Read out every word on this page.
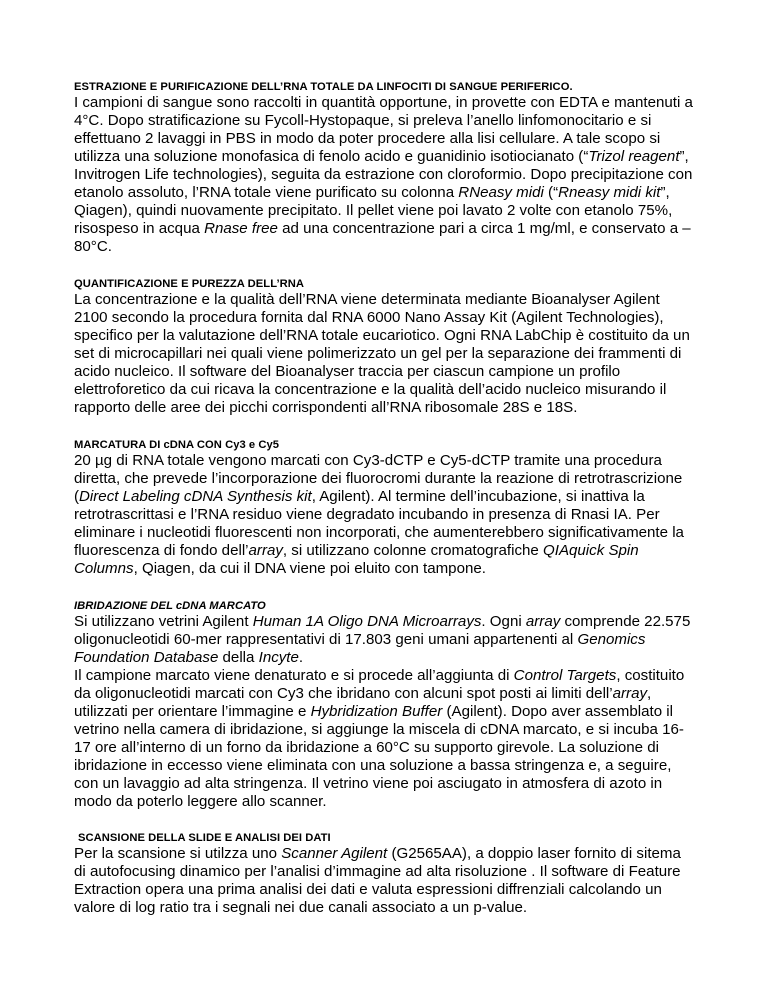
ESTRAZIONE E PURIFICAZIONE DELL’RNA TOTALE DA LINFOCITI DI SANGUE PERIFERICO.

I campioni di sangue sono raccolti in quantità opportune, in provette con EDTA e mantenuti a 4°C. Dopo stratificazione su Fycoll-Hystopaque, si preleva l’anello linfomonocitario e si effettuano 2 lavaggi in PBS in modo da poter procedere alla lisi cellulare. A tale scopo si utilizza una soluzione monofasica di fenolo acido e guanidinio isotiocianato (“Trizol reagent”, Invitrogen Life technologies), seguita da estrazione con cloroformio. Dopo precipitazione con etanolo assoluto, l’RNA totale viene purificato su colonna RNeasy midi (“Rneasy midi kit”, Qiagen), quindi nuovamente precipitato. Il pellet viene poi lavato 2 volte con etanolo 75%, risospeso in acqua Rnase free ad una concentrazione pari a circa 1 mg/ml, e conservato a –80°C.

QUANTIFICAZIONE E PUREZZA DELL’RNA

La concentrazione e la qualità dell’RNA viene determinata mediante Bioanalyser Agilent 2100 secondo la procedura fornita dal RNA 6000 Nano Assay Kit (Agilent Technologies), specifico per la valutazione dell’RNA totale eucariotico. Ogni RNA LabChip è costituito da un set di microcapillari nei quali viene polimerizzato un gel per la separazione dei frammenti di acido nucleico. Il software del Bioanalyser traccia per ciascun campione un profilo elettroforetico da cui ricava la concentrazione e la qualità dell’acido nucleico misurando il rapporto delle aree dei picchi corrispondenti all’RNA ribosomale 28S e 18S.

MARCATURA DI cDNA CON Cy3 e Cy5

20 µg di RNA totale vengono marcati con Cy3-dCTP e Cy5-dCTP tramite una procedura diretta, che prevede l’incorporazione dei fluorocromi durante la reazione di retrotrascrizione (Direct Labeling cDNA Synthesis kit, Agilent). Al termine dell’incubazione, si inattiva la retrotrascrittasi e l’RNA residuo viene degradato incubando in presenza di Rnasi IA. Per eliminare i nucleotidi fluorescenti non incorporati, che aumenterebbero significativamente la fluorescenza di fondo dell’array, si utilizzano colonne cromatografiche QIAquick Spin Columns, Qiagen, da cui il DNA viene poi eluito con tampone.

IBRIDAZIONE DEL cDNA MARCATO

Si utilizzano vetrini Agilent Human 1A Oligo DNA Microarrays. Ogni array comprende 22.575 oligonucleotidi 60-mer rappresentativi di 17.803 geni umani appartenenti al Genomics Foundation Database della Incyte.
Il campione marcato viene denaturato e si procede all’aggiunta di Control Targets, costituito da oligonucleotidi marcati con Cy3 che ibridano con alcuni spot posti ai limiti dell’array, utilizzati per orientare l’immagine e Hybridization Buffer (Agilent). Dopo aver assemblato il vetrino nella camera di ibridazione, si aggiunge la miscela di cDNA marcato, e si incuba 16-17 ore all’interno di un forno da ibridazione a 60°C su supporto girevole. La soluzione di ibridazione in eccesso viene eliminata con una soluzione a bassa stringenza e, a seguire, con un lavaggio ad alta stringenza. Il vetrino viene poi asciugato in atmosfera di azoto in modo da poterlo leggere allo scanner.

SCANSIONE DELLA SLIDE E ANALISI DEI DATI

Per la scansione si utilzza uno Scanner Agilent (G2565AA), a doppio laser fornito di sitema di autofocusing dinamico per l’analisi d’immagine ad alta risoluzione . Il software di Feature Extraction opera una prima analisi dei dati e valuta espressioni diffrenziali calcolando un valore di log ratio tra i segnali nei due canali associato a un p-value.
